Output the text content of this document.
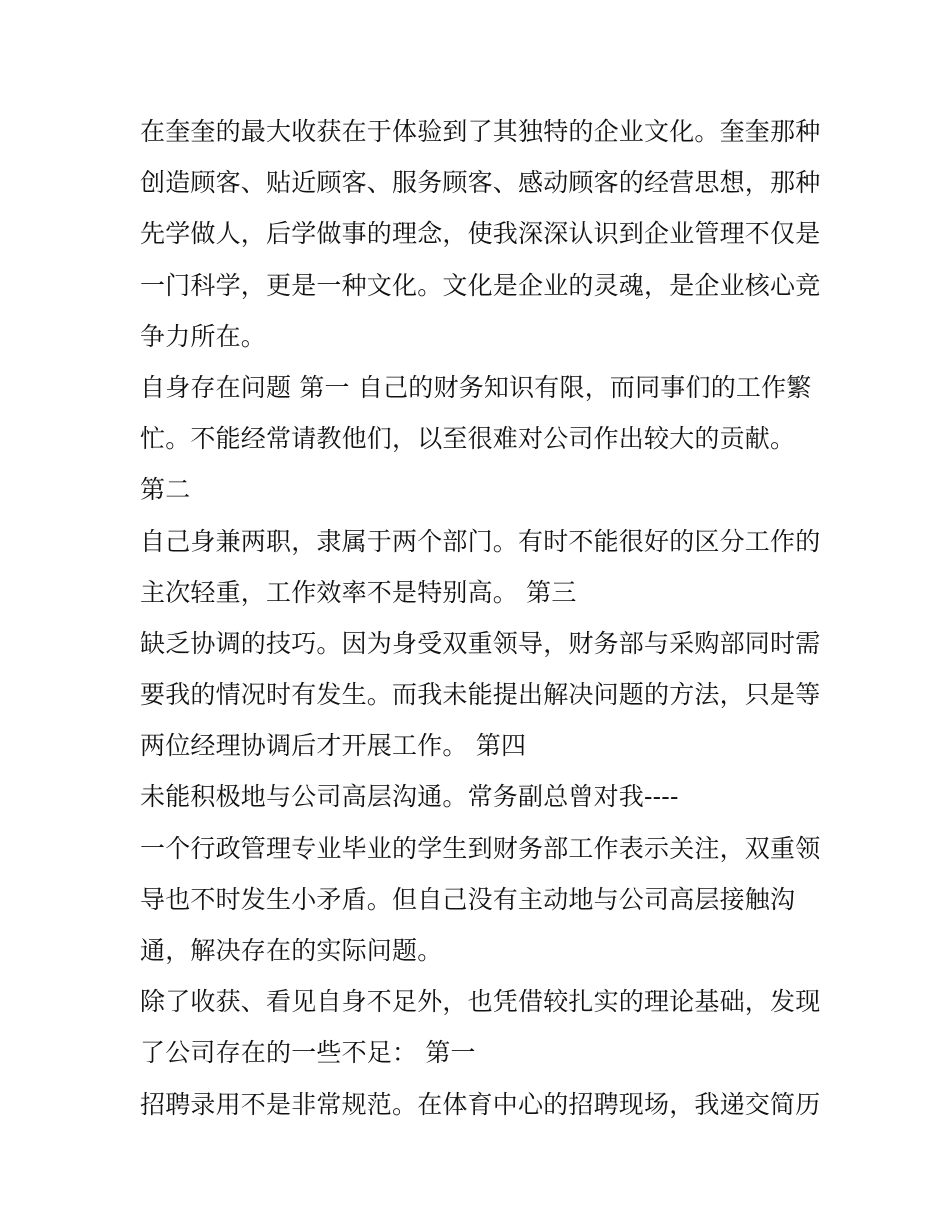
在奎奎的最大收获在于体验到了其独特的企业文化。奎奎那种
创造顾客、贴近顾客、服务顾客、感动顾客的经营思想，那种
先学做人，后学做事的理念，使我深深认识到企业管理不仅是
一门科学，更是一种文化。文化是企业的灵魂，是企业核心竞
争力所在。
自身存在问题 第一 自己的财务知识有限，而同事们的工作繁
忙。不能经常请教他们，以至很难对公司作出较大的贡献。
第二
自己身兼两职，隶属于两个部门。有时不能很好的区分工作的
主次轻重，工作效率不是特别高。 第三
缺乏协调的技巧。因为身受双重领导，财务部与采购部同时需
要我的情况时有发生。而我未能提出解决问题的方法，只是等
两位经理协调后才开展工作。 第四
未能积极地与公司高层沟通。常务副总曾对我----
一个行政管理专业毕业的学生到财务部工作表示关注，双重领
导也不时发生小矛盾。但自己没有主动地与公司高层接触沟
通，解决存在的实际问题。
除了收获、看见自身不足外，也凭借较扎实的理论基础，发现
了公司存在的一些不足： 第一
招聘录用不是非常规范。在体育中心的招聘现场，我递交简历
